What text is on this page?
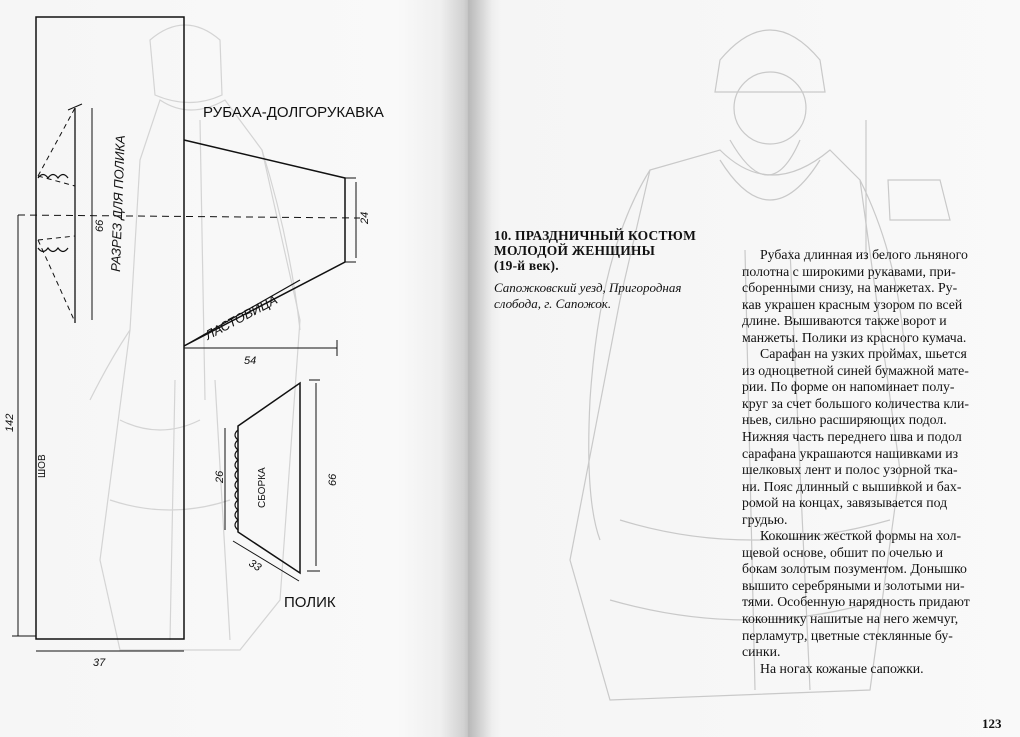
РУБАХА-ДОЛГОРУКАВКА
ПОЛИК
РАЗРЕЗ ДЛЯ ПОЛИКА
ЛАСТОВИЦА
ШОВ
СБОРКА
66
24
54
142
37
66
26
33
10. ПРАЗДНИЧНЫЙ КОСТЮМ
МОЛОДОЙ ЖЕНЩИНЫ
(19-й век).
Сапожковский уезд, Пригородная
слобода, г. Сапожок.
Рубаха длинная из белого льняного
полотна с широкими рукавами, при-
сборенными снизу, на манжетах. Ру-
кав украшен красным узором по всей
длине. Вышиваются также ворот и
манжеты. Полики из красного кумача.
Сарафан на узких проймах, шьется
из одноцветной синей бумажной мате-
рии. По форме он напоминает полу-
круг за счет большого количества кли-
ньев, сильно расширяющих подол.
Нижняя часть переднего шва и подол
сарафана украшаются нашивками из
шелковых лент и полос узорной тка-
ни. Пояс длинный с вышивкой и бах-
ромой на концах, завязывается под
грудью.
Кокошник жесткой формы на хол-
щевой основе, обшит по очелью и
бокам золотым позументом. Донышко
вышито серебряными и золотыми ни-
тями. Особенную нарядность придают
кокошнику нашитые на него жемчуг,
перламутр, цветные стеклянные бу-
синки.
На ногах кожаные сапожки.
123
